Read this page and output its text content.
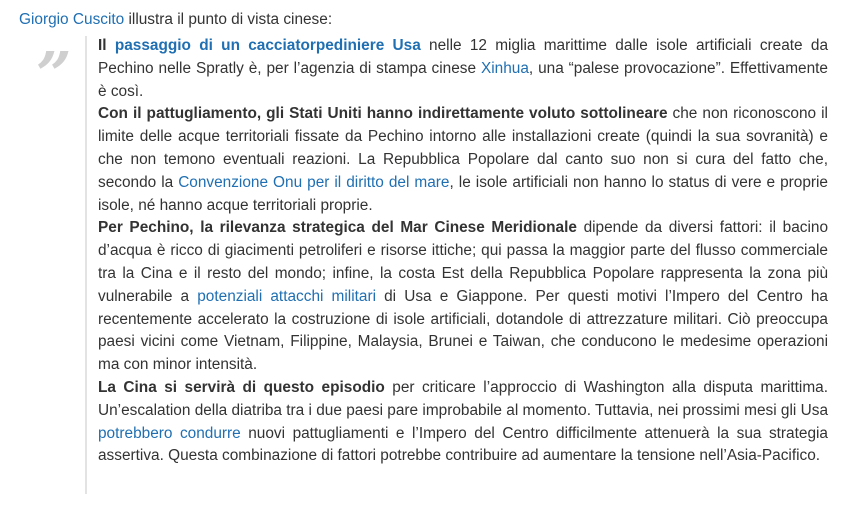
Giorgio Cuscito illustra il punto di vista cinese:
” Il passaggio di un cacciatorpediniere Usa nelle 12 miglia marittime dalle isole artificiali create da Pechino nelle Spratly è, per l’agenzia di stampa cinese Xinhua, una “palese provocazione”. Effettivamente è così.

Con il pattugliamento, gli Stati Uniti hanno indirettamente voluto sottolineare che non riconoscono il limite delle acque territoriali fissate da Pechino intorno alle installazioni create (quindi la sua sovranità) e che non temono eventuali reazioni. La Repubblica Popolare dal canto suo non si cura del fatto che, secondo la Convenzione Onu per il diritto del mare, le isole artificiali non hanno lo status di vere e proprie isole, né hanno acque territoriali proprie.

Per Pechino, la rilevanza strategica del Mar Cinese Meridionale dipende da diversi fattori: il bacino d’acqua è ricco di giacimenti petroliferi e risorse ittiche; qui passa la maggior parte del flusso commerciale tra la Cina e il resto del mondo; infine, la costa Est della Repubblica Popolare rappresenta la zona più vulnerabile a potenziali attacchi militari di Usa e Giappone. Per questi motivi l’Impero del Centro ha recentemente accelerato la costruzione di isole artificiali, dotandole di attrezzature militari. Ciò preoccupa paesi vicini come Vietnam, Filippine, Malaysia, Brunei e Taiwan, che conducono le medesime operazioni ma con minor intensità.

La Cina si servirà di questo episodio per criticare l’approccio di Washington alla disputa marittima. Un’escalation della diatriba tra i due paesi pare improbabile al momento. Tuttavia, nei prossimi mesi gli Usa potrebbero condurre nuovi pattugliamenti e l’Impero del Centro difficilmente attenuerà la sua strategia assertiva. Questa combinazione di fattori potrebbe contribuire ad aumentare la tensione nell’Asia-Pacifico.
